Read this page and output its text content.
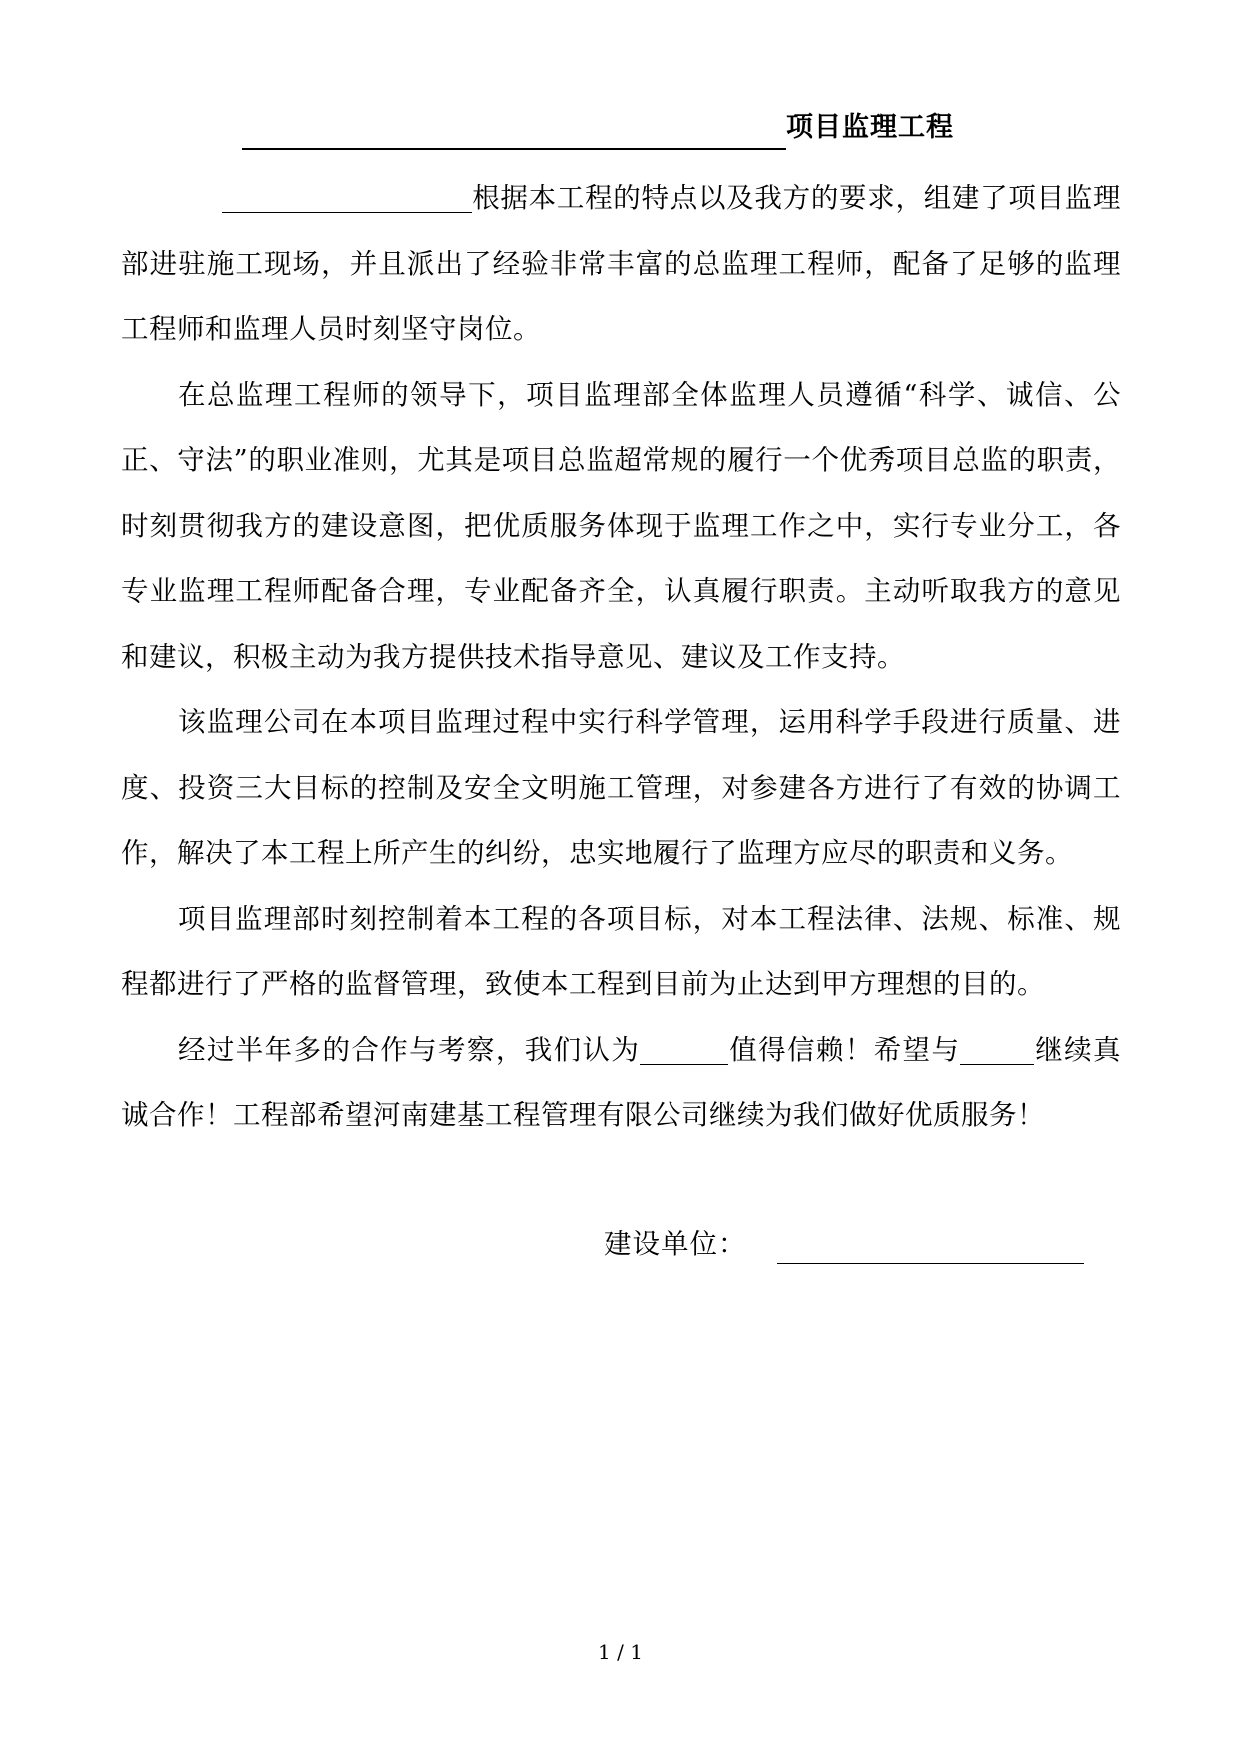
项目监理工程

根据本工程的特点以及我方的要求，组建了项目监理部进驻施工现场，并且派出了经验非常丰富的总监理工程师，配备了足够的监理工程师和监理人员时刻坚守岗位。

在总监理工程师的领导下，项目监理部全体监理人员遵循“科学、诚信、公正、守法”的职业准则，尤其是项目总监超常规的履行一个优秀项目总监的职责，时刻贯彻我方的建设意图，把优质服务体现于监理工作之中，实行专业分工，各专业监理工程师配备合理，专业配备齐全，认真履行职责。主动听取我方的意见和建议，积极主动为我方提供技术指导意见、建议及工作支持。

该监理公司在本项目监理过程中实行科学管理，运用科学手段进行质量、进度、投资三大目标的控制及安全文明施工管理，对参建各方进行了有效的协调工作，解决了本工程上所产生的纠纷，忠实地履行了监理方应尽的职责和义务。

项目监理部时刻控制着本工程的各项目标，对本工程法律、法规、标准、规程都进行了严格的监督管理，致使本工程到目前为止达到甲方理想的目的。

经过半年多的合作与考察，我们认为	值得信赖！希望与	继续真诚合作！工程部希望河南建基工程管理有限公司继续为我们做好优质服务！

建设单位：
1 / 1
